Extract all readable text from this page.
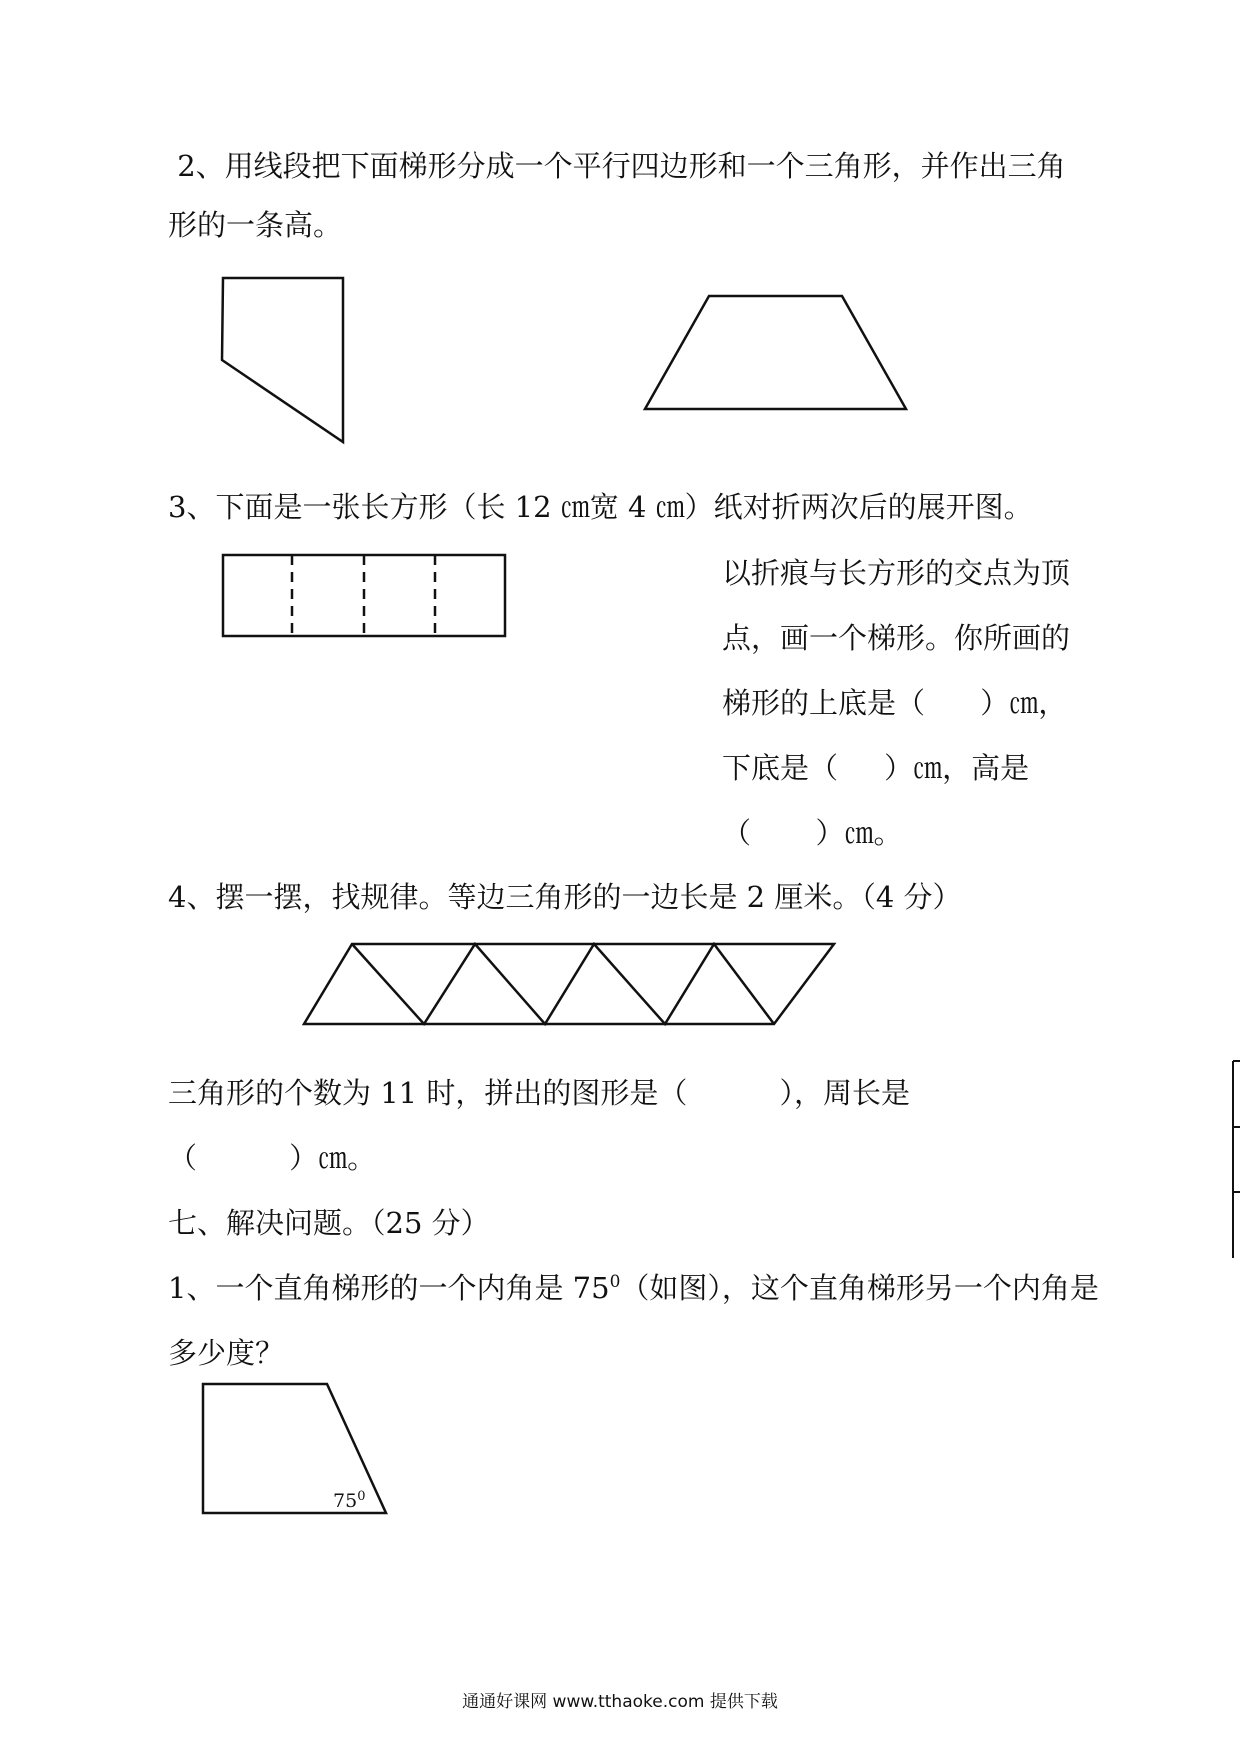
2、用线段把下面梯形分成一个平行四边形和一个三角形，并作出三角
形的一条高。
3、下面是一张长方形（长 12 ㎝宽 4 ㎝）纸对折两次后的展开图。
以折痕与长方形的交点为顶
点，画一个梯形。你所画的
梯形的上底是（      ）㎝，
下底是（     ）㎝，高是
（       ）㎝。
4、摆一摆，找规律。等边三角形的一边长是 2 厘米。（4 分）
三角形的个数为 11 时，拼出的图形是（          ），周长是
（          ）㎝。
七、解决问题。（25 分）
1、一个直角梯形的一个内角是 $75^0$（如图），这个直角梯形另一个内角是
多少度？
$75^0$
通通好课网 www.tthaoke.com 提供下载
